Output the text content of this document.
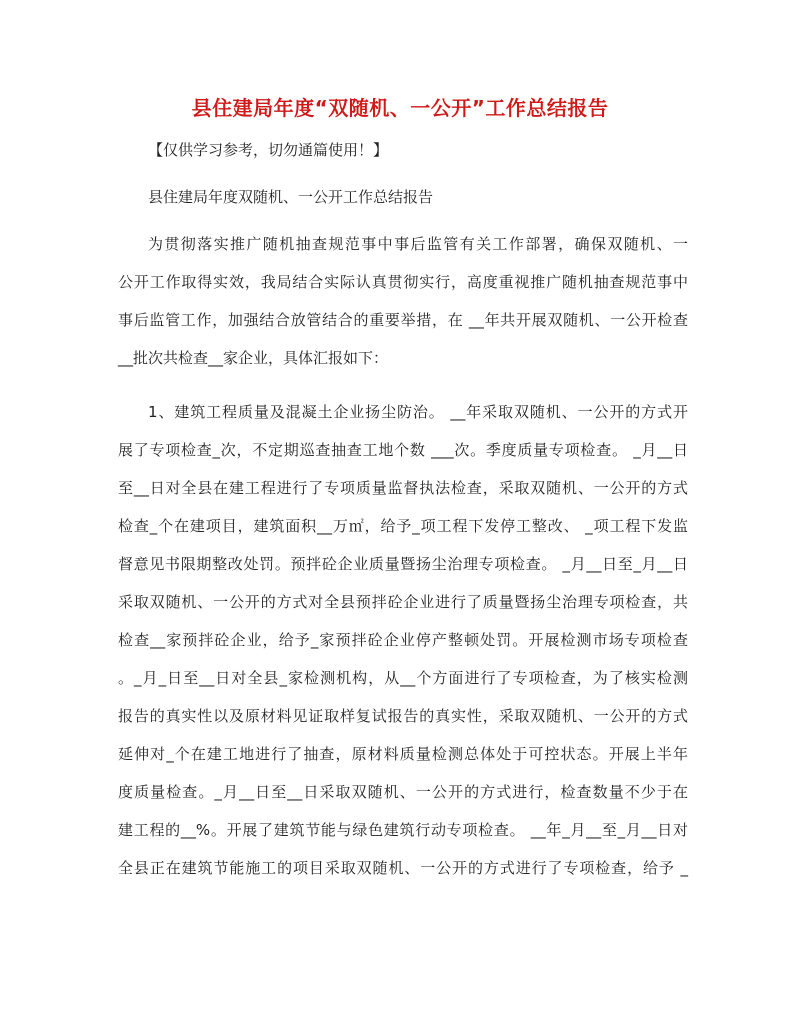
县住建局年度“双随机、一公开”工作总结报告
【仅供学习参考，切勿通篇使用！】
县住建局年度双随机、一公开工作总结报告
为贯彻落实推广随机抽查规范事中事后监管有关工作部署，确保双随机、一
公开工作取得实效，我局结合实际认真贯彻实行，高度重视推广随机抽查规范事中
事后监管工作，加强结合放管结合的重要举措，在 __年共开展双随机、一公开检查
__批次共检查__家企业，具体汇报如下：
1、建筑工程质量及混凝土企业扬尘防治。 __年采取双随机、一公开的方式开
展了专项检查_次，不定期巡查抽查工地个数 ___次。季度质量专项检查。 _月__日
至__日对全县在建工程进行了专项质量监督执法检查，采取双随机、一公开的方式
检查_个在建项目，建筑面积__万㎡，给予_项工程下发停工整改、 _项工程下发监
督意见书限期整改处罚。预拌砼企业质量暨扬尘治理专项检查。 _月__日至_月__日
采取双随机、一公开的方式对全县预拌砼企业进行了质量暨扬尘治理专项检查，共
检查__家预拌砼企业，给予_家预拌砼企业停产整顿处罚。开展检测市场专项检查
。_月_日至__日对全县_家检测机构，从__个方面进行了专项检查，为了核实检测
报告的真实性以及原材料见证取样复试报告的真实性，采取双随机、一公开的方式
延伸对_个在建工地进行了抽查，原材料质量检测总体处于可控状态。开展上半年
度质量检查。_月__日至__日采取双随机、一公开的方式进行，检查数量不少于在
建工程的__%。开展了建筑节能与绿色建筑行动专项检查。 __年_月__至_月__日对
全县正在建筑节能施工的项目采取双随机、一公开的方式进行了专项检查，给予 _
